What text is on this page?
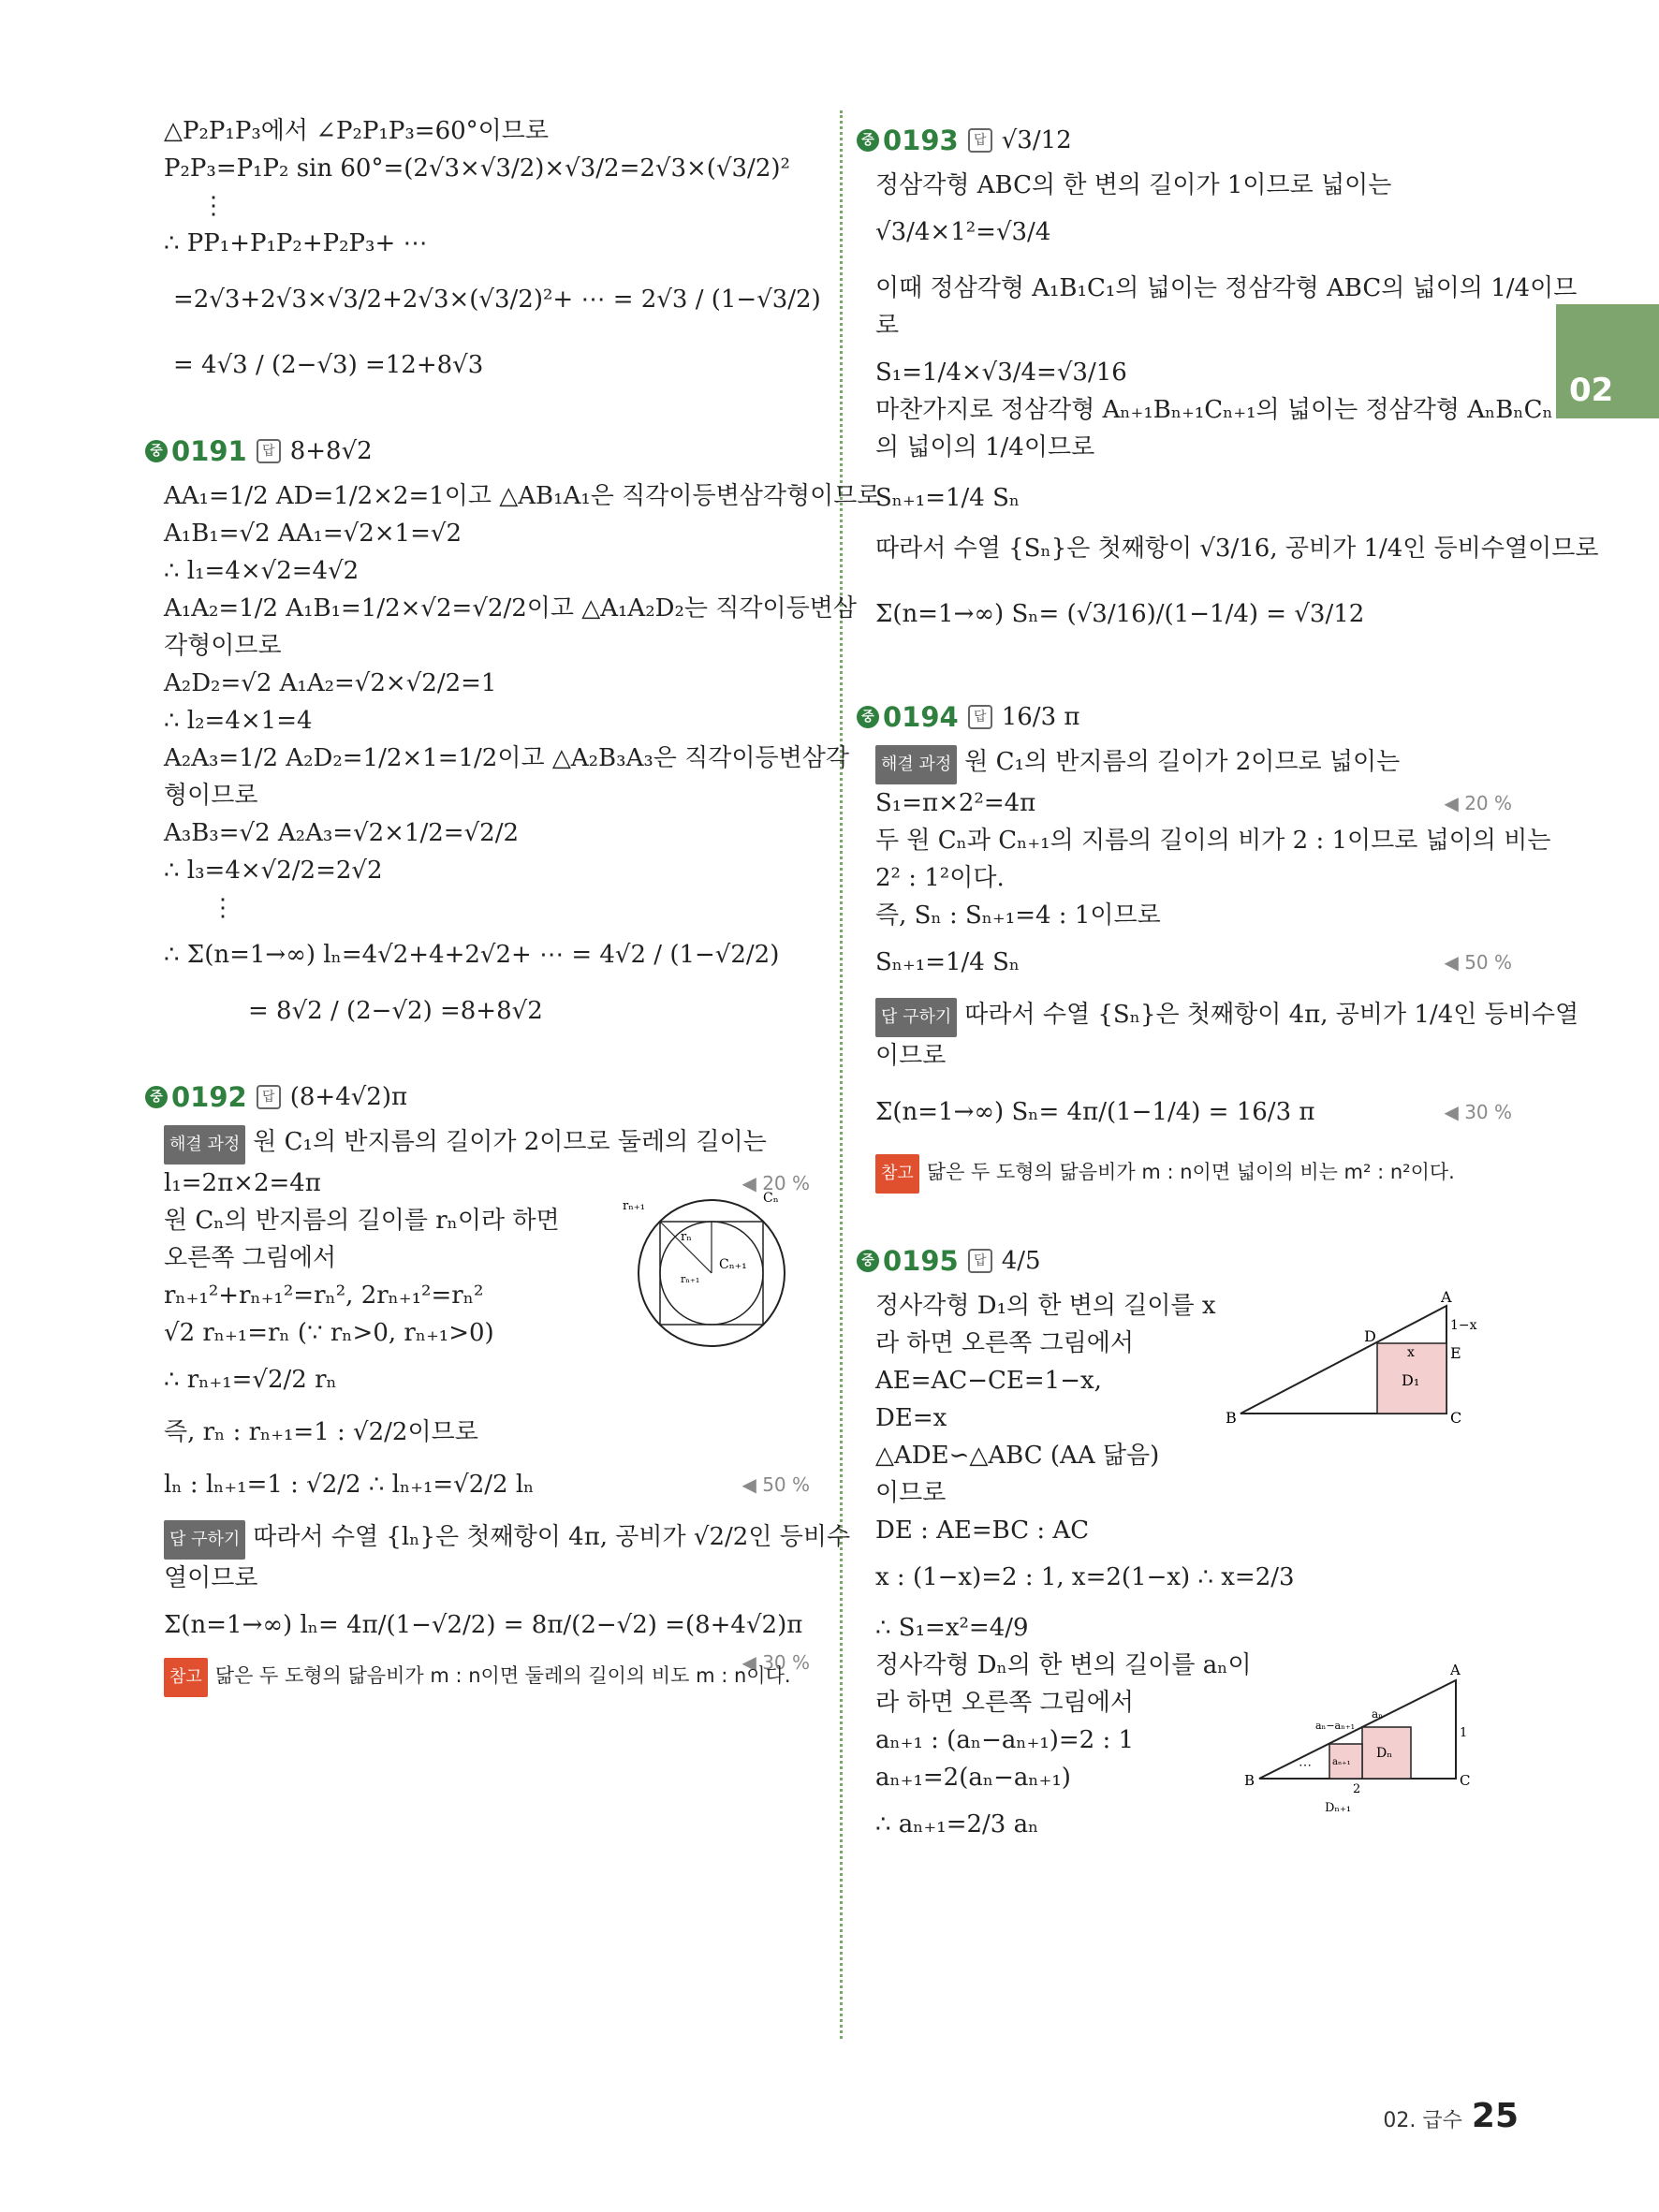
02
△P₂P₁P₃에서 ∠P₂P₁P₃=60°이므로
P₂P₃=P₁P₂ sin 60°=(2√3×√3/2)×√3/2=2√3×(√3/2)²
⋮
∴ PP₁+P₁P₂+P₂P₃+ ⋯
=2√3+2√3×√3/2+2√3×(√3/2)²+ ⋯ = 2√3 / (1−√3/2)
= 4√3 / (2−√3) =12+8√3
중 0191	답 8+8√2
AA₁=1/2 AD=1/2×2=1이고 △AB₁A₁은 직각이등변삼각형이므로
A₁B₁=√2 AA₁=√2×1=√2
∴ l₁=4×√2=4√2
A₁A₂=1/2 A₁B₁=1/2×√2=√2/2이고 △A₁A₂D₂는 직각이등변삼
각형이므로
A₂D₂=√2 A₁A₂=√2×√2/2=1
∴ l₂=4×1=4
A₂A₃=1/2 A₂D₂=1/2×1=1/2이고 △A₂B₃A₃은 직각이등변삼각
형이므로
A₃B₃=√2 A₂A₃=√2×1/2=√2/2
∴ l₃=4×√2/2=2√2
⋮
∴ Σ(n=1→∞) lₙ=4√2+4+2√2+ ⋯ = 4√2 / (1−√2/2)
= 8√2 / (2−√2) =8+8√2
중 0192	답 (8+4√2)π
해결 과정 원 C₁의 반지름의 길이가 2이므로 둘레의 길이는
l₁=2π×2=4π	◀ 20 %
원 Cₙ의 반지름의 길이를 rₙ이라 하면
오른쪽 그림에서
rₙ₊₁²+rₙ₊₁²=rₙ², 2rₙ₊₁²=rₙ²
√2 rₙ₊₁=rₙ (∵ rₙ>0, rₙ₊₁>0)
∴ rₙ₊₁=√2/2 rₙ
즉, rₙ : rₙ₊₁=1 : √2/2이므로
lₙ : lₙ₊₁=1 : √2/2 ∴ lₙ₊₁=√2/2 lₙ	◀ 50 %
답 구하기 따라서 수열 {lₙ}은 첫째항이 4π, 공비가 √2/2인 등비수
열이므로
Σ(n=1→∞) lₙ= 4π/(1−√2/2) = 8π/(2−√2) =(8+4√2)π
◀ 30 %
참고 닮은 두 도형의 닮음비가 m : n이면 둘레의 길이의 비도 m : n이다.
rₙ₊₁
rₙ
Cₙ
Cₙ₊₁
rₙ₊₁
중 0193	답 √3/12
정삼각형 ABC의 한 변의 길이가 1이므로 넓이는
√3/4×1²=√3/4
이때 정삼각형 A₁B₁C₁의 넓이는 정삼각형 ABC의 넓이의 1/4이므
로
S₁=1/4×√3/4=√3/16
마찬가지로 정삼각형 Aₙ₊₁Bₙ₊₁Cₙ₊₁의 넓이는 정삼각형 AₙBₙCₙ
의 넓이의 1/4이므로
Sₙ₊₁=1/4 Sₙ
따라서 수열 {Sₙ}은 첫째항이 √3/16, 공비가 1/4인 등비수열이므로
Σ(n=1→∞) Sₙ= (√3/16)/(1−1/4) = √3/12
중 0194	답 16/3 π
해결 과정 원 C₁의 반지름의 길이가 2이므로 넓이는
S₁=π×2²=4π	◀ 20 %
두 원 Cₙ과 Cₙ₊₁의 지름의 길이의 비가 2 : 1이므로 넓이의 비는
2² : 1²이다.
즉, Sₙ : Sₙ₊₁=4 : 1이므로
Sₙ₊₁=1/4 Sₙ	◀ 50 %
답 구하기 따라서 수열 {Sₙ}은 첫째항이 4π, 공비가 1/4인 등비수열
이므로
Σ(n=1→∞) Sₙ= 4π/(1−1/4) = 16/3 π	◀ 30 %
참고 닮은 두 도형의 닮음비가 m : n이면 넓이의 비는 m² : n²이다.
중 0195	답 4/5
정사각형 D₁의 한 변의 길이를 x
라 하면 오른쪽 그림에서
AE=AC−CE=1−x,
DE=x
△ADE∽△ABC (AA 닮음)
이므로
DE : AE=BC : AC
x : (1−x)=2 : 1, x=2(1−x) ∴ x=2/3
∴ S₁=x²=4/9
정사각형 Dₙ의 한 변의 길이를 aₙ이
라 하면 오른쪽 그림에서
aₙ₊₁ : (aₙ−aₙ₊₁)=2 : 1
aₙ₊₁=2(aₙ−aₙ₊₁)
∴ aₙ₊₁=2/3 aₙ
A
D
E
B	C
D₁
1−x
x
A
B	C
aₙ
aₙ−aₙ₊₁
aₙ₊₁
Dₙ
2
1
Dₙ₊₁
⋯
02. 급수 25
